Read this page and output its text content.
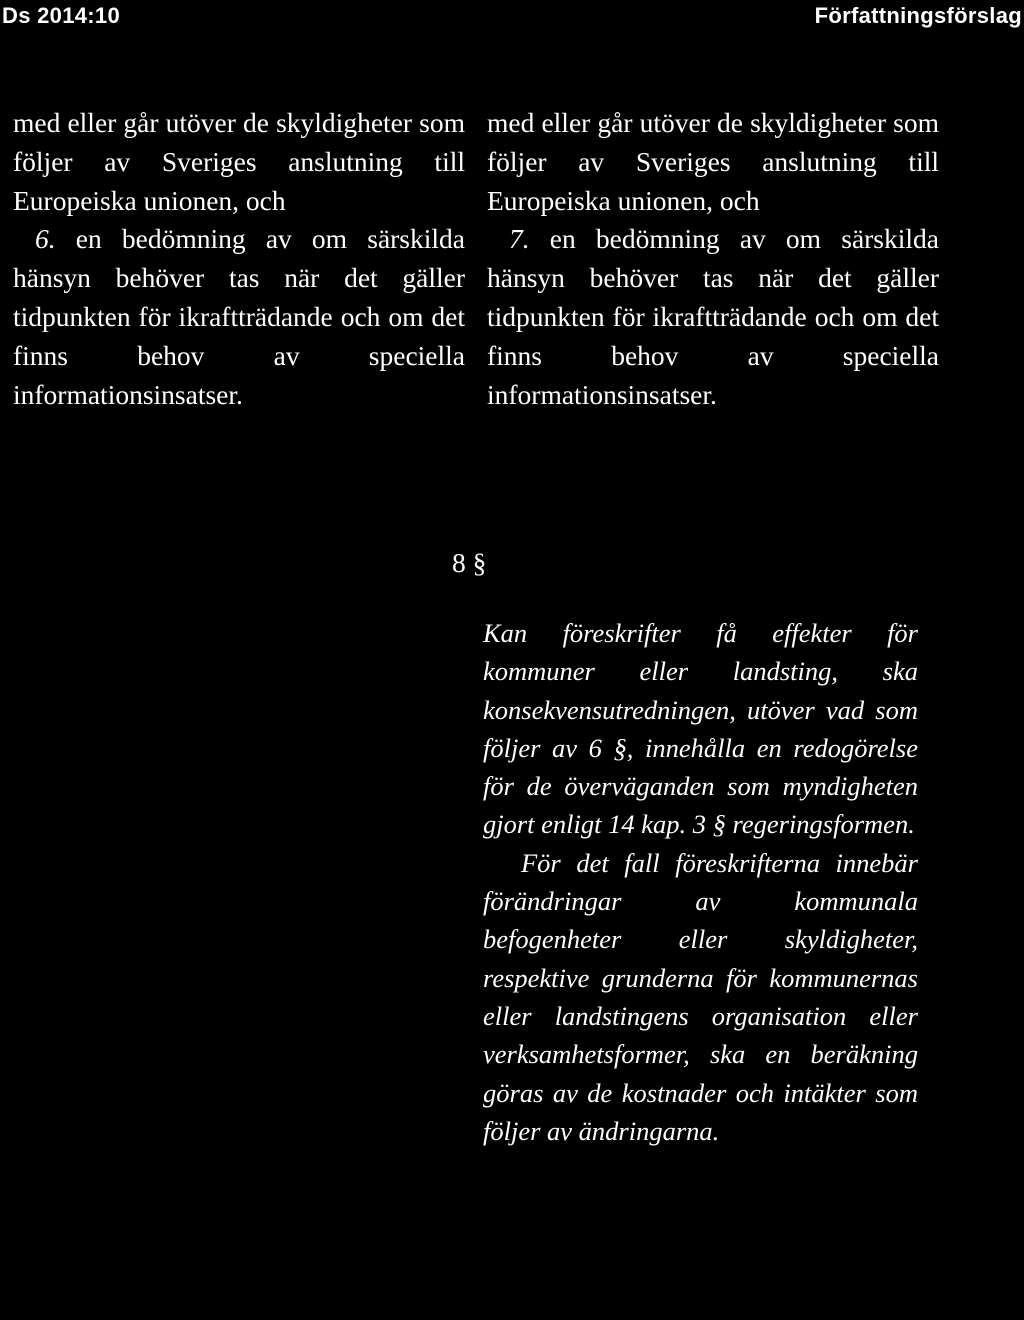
Ds 2014:10	Författningsförslag

med eller går utöver de skyldigheter som följer av Sveriges anslutning till Europeiska unionen, och

6. en bedömning av om särskilda hänsyn behöver tas när det gäller tidpunkten för ikraftträdande och om det finns behov av speciella informationsinsatser.

med eller går utöver de skyldigheter som följer av Sveriges anslutning till Europeiska unionen, och

7. en bedömning av om särskilda hänsyn behöver tas när det gäller tidpunkten för ikraftträdande och om det finns behov av speciella informationsinsatser.

8 §

Kan föreskrifter få effekter för kommuner eller landsting, ska konsekvensutredningen, utöver vad som följer av 6 §, innehålla en redogörelse för de överväganden som myndigheten gjort enligt 14 kap. 3 § regeringsformen.

För det fall föreskrifterna innebär förändringar av kommunala befogenheter eller skyldigheter, respektive grunderna för kommunernas eller landstingens organisation eller verksamhetsformer, ska en beräkning göras av de kostnader och intäkter som följer av ändringarna.
